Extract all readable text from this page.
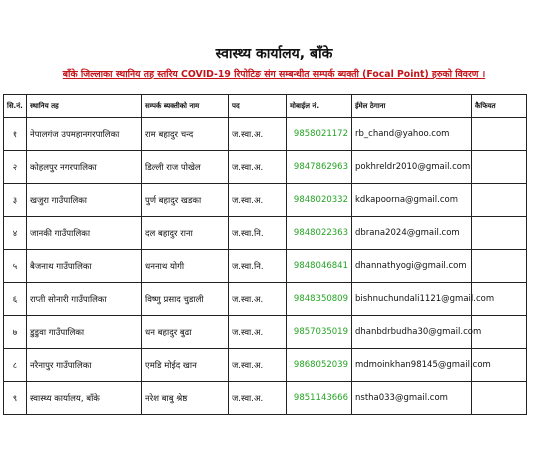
स्वास्थ्य कार्यालय, बाँके
बाँके जिल्लाका स्थानिय तह स्तरिय COVID-19 रिपोटिङ संग सम्बन्धीत सम्पर्क ब्यक्ती (Focal Point) हरुको विवरण ।
सि.नं.	स्थानिय तह	सम्पर्क ब्यक्तीको नाम	पद	मोबाईल नं.	ईमेल ठेगाना	कैफियत
१	नेपालगंज उपमहानगरपालिका	राम बहादुर चन्द	ज.स्वा.अ.	9858021172	rb_chand@yahoo.com	
२	कोहलपुर नगरपालिका	डिल्ली राज पोखेल	ज.स्वा.अ.	9847862963	pokhreldr2010@gmail.com	
३	खजुरा गाउँपालिका	पुर्ण बहादुर खडका	ज.स्वा.अ.	9848020332	kdkapoorna@gmail.com	
४	जानकी गाउँपालिका	दल बहादुर राना	ज.स्वा.नि.	9848022363	dbrana2024@gmail.com	
५	बैजनाथ गाउँपालिका	धननाथ योगी	ज.स्वा.नि.	9848046841	dhannathyogi@gmail.com	
६	राप्ती सोनारी गाउँपालिका	विष्णु प्रसाद चुडाली	ज.स्वा.अ.	9848350809	bishnuchundali1121@gmail.com	
७	डुडुवा गाउँपालिका	धन बहादुर बुढा	ज.स्वा.अ.	9857035019	dhanbdrbudha30@gmail.com	
८	नरैनापुर गाउँपालिका	एमडि मोईद खान	ज.स्वा.अ.	9868052039	mdmoinkhan98145@gmail.com	
९	स्वास्थ्य कार्यालय, बाँके	नरेश बाबु श्रेष्ठ	ज.स्वा.अ.	9851143666	nstha033@gmail.com	
